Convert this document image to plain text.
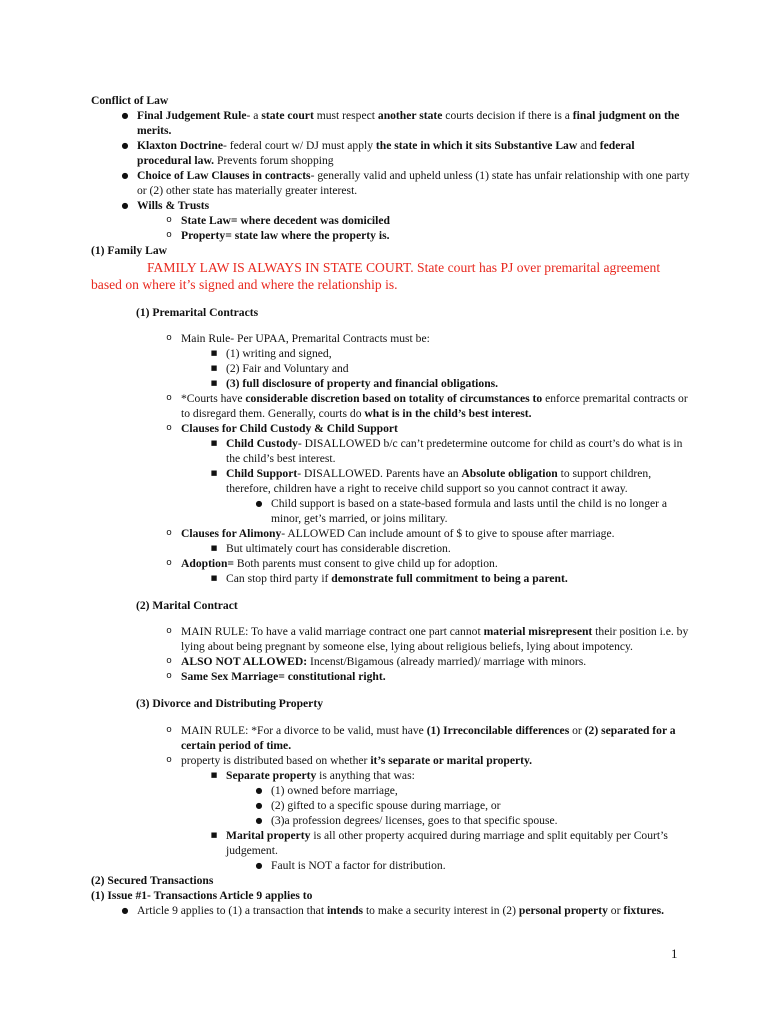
Conflict of Law

● Final Judgement Rule- a state court must respect another state courts decision if there is a final judgment on the merits.
● Klaxton Doctrine- federal court w/ DJ must apply the state in which it sits Substantive Law and federal procedural law. Prevents forum shopping
● Choice of Law Clauses in contracts- generally valid and upheld unless (1) state has unfair relationship with one party or (2) other state has materially greater interest.
● Wills & Trusts
o State Law= where decedent was domiciled
o Property= state law where the property is.

(1) Family Law

FAMILY LAW IS ALWAYS IN STATE COURT. State court has PJ over premarital agreement based on where it’s signed and where the relationship is.

(1) Premarital Contracts

o Main Rule- Per UPAA, Premarital Contracts must be:
■ (1) writing and signed,
■ (2) Fair and Voluntary and
■ (3) full disclosure of property and financial obligations.
o *Courts have considerable discretion based on totality of circumstances to enforce premarital contracts or to disregard them. Generally, courts do what is in the child’s best interest.
o Clauses for Child Custody & Child Support
■ Child Custody- DISALLOWED b/c can’t predetermine outcome for child as court’s do what is in the child’s best interest.
■ Child Support- DISALLOWED. Parents have an Absolute obligation to support children, therefore, children have a right to receive child support so you cannot contract it away.
● Child support is based on a state-based formula and lasts until the child is no longer a minor, get’s married, or joins military.
o Clauses for Alimony- ALLOWED Can include amount of $ to give to spouse after marriage.
■ But ultimately court has considerable discretion.
o Adoption= Both parents must consent to give child up for adoption.
■ Can stop third party if demonstrate full commitment to being a parent.

(2) Marital Contract

o MAIN RULE: To have a valid marriage contract one part cannot material misrepresent their position i.e. by lying about being pregnant by someone else, lying about religious beliefs, lying about impotency.
o ALSO NOT ALLOWED: Incenst/Bigamous (already married)/ marriage with minors.
o Same Sex Marriage= constitutional right.

(3) Divorce and Distributing Property

o MAIN RULE: *For a divorce to be valid, must have (1) Irreconcilable differences or (2) separated for a certain period of time.
o property is distributed based on whether it’s separate or marital property.
■ Separate property is anything that was:
● (1) owned before marriage,
● (2) gifted to a specific spouse during marriage, or
● (3)a profession degrees/ licenses, goes to that specific spouse.
■ Marital property is all other property acquired during marriage and split equitably per Court’s judgement.
● Fault is NOT a factor for distribution.

(2) Secured Transactions

(1) Issue #1- Transactions Article 9 applies to

● Article 9 applies to (1) a transaction that intends to make a security interest in (2) personal property or fixtures.
1
